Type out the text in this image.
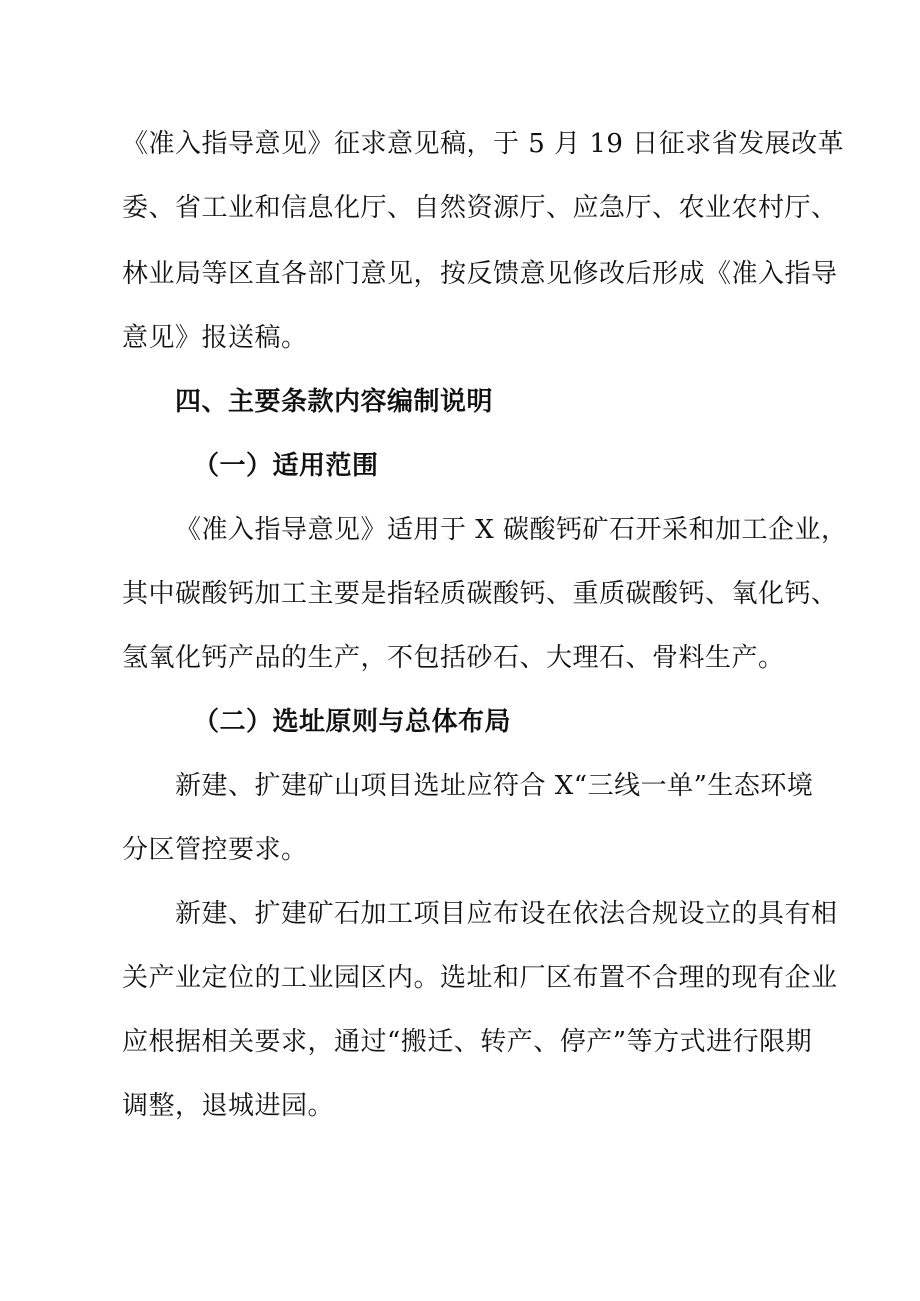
《准入指导意见》征求意见稿，于 5 月 19 日征求省发展改革
委、省工业和信息化厅、自然资源厅、应急厅、农业农村厅、
林业局等区直各部门意见，按反馈意见修改后形成《准入指导
意见》报送稿。
四、主要条款内容编制说明
（一）适用范围
《准入指导意见》适用于 X 碳酸钙矿石开采和加工企业，
其中碳酸钙加工主要是指轻质碳酸钙、重质碳酸钙、氧化钙、
氢氧化钙产品的生产，不包括砂石、大理石、骨料生产。
（二）选址原则与总体布局
新建、扩建矿山项目选址应符合 X“三线一单”生态环境
分区管控要求。
新建、扩建矿石加工项目应布设在依法合规设立的具有相
关产业定位的工业园区内。选址和厂区布置不合理的现有企业
应根据相关要求，通过“搬迁、转产、停产”等方式进行限期
调整，退城进园。
